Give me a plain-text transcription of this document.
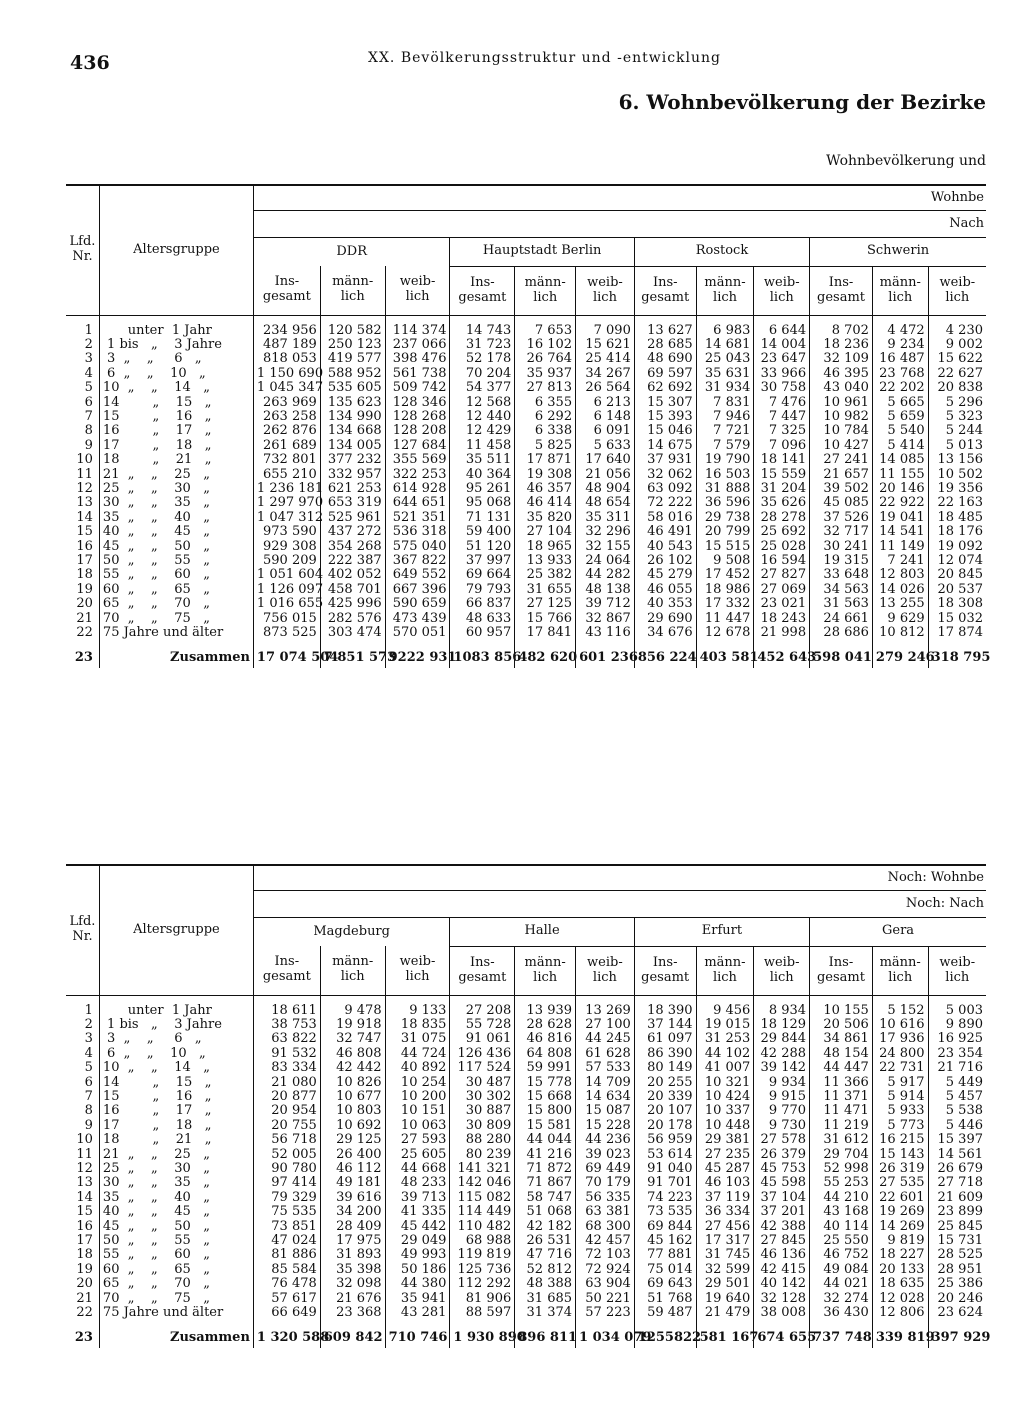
436	XX. Bevölkerungsstruktur und -entwicklung
6. Wohnbevölkerung der Bezirke
Wohnbevölkerung und
Lfd.
Nr.	Altersgruppe	Wohnbe											
		Nach											
		DDR			Hauptstadt Berlin			Rostock			Schwerin		
		Ins-
gesamt	männ-
lich	weib-
lich	Ins-
gesamt	männ-
lich	weib-
lich	Ins-
gesamt	männ-
lich	weib-
lich	Ins-
gesamt	männ-
lich	weib-
lich

1	unter  1 Jahr	234 956	120 582	114 374	14 743	7 653	7 090	13 627	6 983	6 644	8 702	4 472	4 230
2	1 bis   „    3 Jahre	487 189	250 123	237 066	31 723	16 102	15 621	28 685	14 681	14 004	18 236	9 234	9 002
3	3  „    „     6   „	818 053	419 577	398 476	52 178	26 764	25 414	48 690	25 043	23 647	32 109	16 487	15 622
4	6  „    „    10   „	1 150 690	588 952	561 738	70 204	35 937	34 267	69 597	35 631	33 966	46 395	23 768	22 627
5	10  „    „    14   „	1 045 347	535 605	509 742	54 377	27 813	26 564	62 692	31 934	30 758	43 040	22 202	20 838
6	14        „    15   „	263 969	135 623	128 346	12 568	6 355	6 213	15 307	7 831	7 476	10 961	5 665	5 296
7	15        „    16   „	263 258	134 990	128 268	12 440	6 292	6 148	15 393	7 946	7 447	10 982	5 659	5 323
8	16        „    17   „	262 876	134 668	128 208	12 429	6 338	6 091	15 046	7 721	7 325	10 784	5 540	5 244
9	17        „    18   „	261 689	134 005	127 684	11 458	5 825	5 633	14 675	7 579	7 096	10 427	5 414	5 013
10	18        „    21   „	732 801	377 232	355 569	35 511	17 871	17 640	37 931	19 790	18 141	27 241	14 085	13 156
11	21  „    „    25   „	655 210	332 957	322 253	40 364	19 308	21 056	32 062	16 503	15 559	21 657	11 155	10 502
12	25  „    „    30   „	1 236 181	621 253	614 928	95 261	46 357	48 904	63 092	31 888	31 204	39 502	20 146	19 356
13	30  „    „    35   „	1 297 970	653 319	644 651	95 068	46 414	48 654	72 222	36 596	35 626	45 085	22 922	22 163
14	35  „    „    40   „	1 047 312	525 961	521 351	71 131	35 820	35 311	58 016	29 738	28 278	37 526	19 041	18 485
15	40  „    „    45   „	973 590	437 272	536 318	59 400	27 104	32 296	46 491	20 799	25 692	32 717	14 541	18 176
16	45  „    „    50   „	929 308	354 268	575 040	51 120	18 965	32 155	40 543	15 515	25 028	30 241	11 149	19 092
17	50  „    „    55   „	590 209	222 387	367 822	37 997	13 933	24 064	26 102	9 508	16 594	19 315	7 241	12 074
18	55  „    „    60   „	1 051 604	402 052	649 552	69 664	25 382	44 282	45 279	17 452	27 827	33 648	12 803	20 845
19	60  „    „    65   „	1 126 097	458 701	667 396	79 793	31 655	48 138	46 055	18 986	27 069	34 563	14 026	20 537
20	65  „    „    70   „	1 016 655	425 996	590 659	66 837	27 125	39 712	40 353	17 332	23 021	31 563	13 255	18 308
21	70  „    „    75   „	756 015	282 576	473 439	48 633	15 766	32 867	29 690	11 447	18 243	24 661	9 629	15 032
22	75 Jahre und älter	873 525	303 474	570 051	60 957	17 841	43 116	34 676	12 678	21 998	28 686	10 812	17 874

23	Zusammen	17 074 504	7 851 573	9222 931	1083 856	482 620	601 236	856 224	403 581	452 643	598 041	279 246	318 795
Lfd.
Nr.	Altersgruppe	Noch: Wohnbe											
		Noch: Nach											
		Magdeburg			Halle			Erfurt			Gera		
		Ins-
gesamt	männ-
lich	weib-
lich	Ins-
gesamt	männ-
lich	weib-
lich	Ins-
gesamt	männ-
lich	weib-
lich	Ins-
gesamt	männ-
lich	weib-
lich

1	unter  1 Jahr	18 611	9 478	9 133	27 208	13 939	13 269	18 390	9 456	8 934	10 155	5 152	5 003
2	1 bis   „    3 Jahre	38 753	19 918	18 835	55 728	28 628	27 100	37 144	19 015	18 129	20 506	10 616	9 890
3	3  „    „     6   „	63 822	32 747	31 075	91 061	46 816	44 245	61 097	31 253	29 844	34 861	17 936	16 925
4	6  „    „    10   „	91 532	46 808	44 724	126 436	64 808	61 628	86 390	44 102	42 288	48 154	24 800	23 354
5	10  „    „    14   „	83 334	42 442	40 892	117 524	59 991	57 533	80 149	41 007	39 142	44 447	22 731	21 716
6	14        „    15   „	21 080	10 826	10 254	30 487	15 778	14 709	20 255	10 321	9 934	11 366	5 917	5 449
7	15        „    16   „	20 877	10 677	10 200	30 302	15 668	14 634	20 339	10 424	9 915	11 371	5 914	5 457
8	16        „    17   „	20 954	10 803	10 151	30 887	15 800	15 087	20 107	10 337	9 770	11 471	5 933	5 538
9	17        „    18   „	20 755	10 692	10 063	30 809	15 581	15 228	20 178	10 448	9 730	11 219	5 773	5 446
10	18        „    21   „	56 718	29 125	27 593	88 280	44 044	44 236	56 959	29 381	27 578	31 612	16 215	15 397
11	21  „    „    25   „	52 005	26 400	25 605	80 239	41 216	39 023	53 614	27 235	26 379	29 704	15 143	14 561
12	25  „    „    30   „	90 780	46 112	44 668	141 321	71 872	69 449	91 040	45 287	45 753	52 998	26 319	26 679
13	30  „    „    35   „	97 414	49 181	48 233	142 046	71 867	70 179	91 701	46 103	45 598	55 253	27 535	27 718
14	35  „    „    40   „	79 329	39 616	39 713	115 082	58 747	56 335	74 223	37 119	37 104	44 210	22 601	21 609
15	40  „    „    45   „	75 535	34 200	41 335	114 449	51 068	63 381	73 535	36 334	37 201	43 168	19 269	23 899
16	45  „    „    50   „	73 851	28 409	45 442	110 482	42 182	68 300	69 844	27 456	42 388	40 114	14 269	25 845
17	50  „    „    55   „	47 024	17 975	29 049	68 988	26 531	42 457	45 162	17 317	27 845	25 550	9 819	15 731
18	55  „    „    60   „	81 886	31 893	49 993	119 819	47 716	72 103	77 881	31 745	46 136	46 752	18 227	28 525
19	60  „    „    65   „	85 584	35 398	50 186	125 736	52 812	72 924	75 014	32 599	42 415	49 084	20 133	28 951
20	65  „    „    70   „	76 478	32 098	44 380	112 292	48 388	63 904	69 643	29 501	40 142	44 021	18 635	25 386
21	70  „    „    75   „	57 617	21 676	35 941	81 906	31 685	50 221	51 768	19 640	32 128	32 274	12 028	20 246
22	75 Jahre und älter	66 649	23 368	43 281	88 597	31 374	57 223	59 487	21 479	38 008	36 430	12 806	23 624

23	Zusammen	1 320 588	609 842	710 746	1 930 890	896 811	1 034 079	1255822	581 167	674 655	737 748	339 819	397 929
